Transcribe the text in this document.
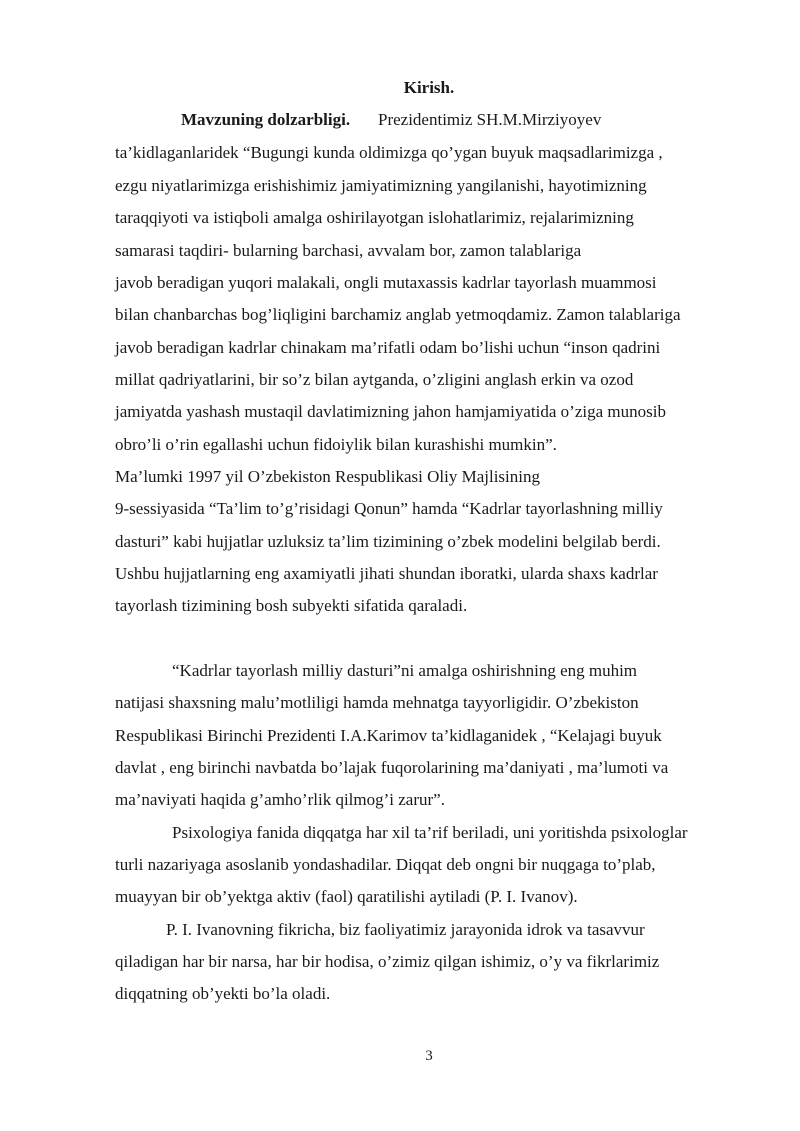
Kirish.
Mavzuning dolzarbligi. Prezidentimiz SH.M.Mirziyoyev
ta’kidlaganlaridek “Bugungi kunda oldimizga qo’ygan buyuk maqsadlarimizga ,
ezgu niyatlarimizga erishishimiz jamiyatimizning yangilanishi, hayotimizning
taraqqiyoti va istiqboli amalga oshirilayotgan islohatlarimiz, rejalarimizning
samarasi taqdiri- bularning barchasi, avvalam bor, zamon talablariga
javob beradigan yuqori malakali, ongli mutaxassis kadrlar tayorlash muammosi
bilan chanbarchas bog’liqligini barchamiz anglab yetmoqdamiz. Zamon talablariga
javob beradigan kadrlar chinakam ma’rifatli odam bo’lishi uchun “inson qadrini
millat qadriyatlarini, bir so’z bilan aytganda, o’zligini anglash erkin va ozod
jamiyatda yashash mustaqil davlatimizning jahon hamjamiyatida o’ziga munosib
obro’li o’rin egallashi uchun fidoiylik bilan kurashishi mumkin”.
Ma’lumki 1997 yil O’zbekiston Respublikasi Oliy Majlisining
9-sessiyasida “Ta’lim to’g’risidagi Qonun” hamda “Kadrlar tayorlashning milliy
dasturi” kabi hujjatlar uzluksiz ta’lim tizimining o’zbek modelini belgilab berdi.
Ushbu hujjatlarning eng axamiyatli jihati shundan iboratki, ularda shaxs kadrlar
tayorlash tizimining bosh subyekti sifatida qaraladi.
“Kadrlar tayorlash milliy dasturi”ni amalga oshirishning eng muhim
natijasi shaxsning malu’motliligi hamda mehnatga tayyorligidir. O’zbekiston
Respublikasi Birinchi Prezidenti I.A.Karimov ta’kidlaganidek , “Kelajagi buyuk
davlat , eng birinchi navbatda bo’lajak fuqorolarining ma’daniyati , ma’lumoti va
ma’naviyati haqida g’amho’rlik qilmog’i zarur”.
Psixologiya fanida diqqatga har xil ta’rif beriladi, uni yoritishda psixologlar
turli nazariyaga asoslanib yondashadilar. Diqqat deb ongni bir nuqgaga to’plab,
muayyan bir ob’yektga aktiv (faol) qaratilishi aytiladi (P. I. Ivanov).
P. I. Ivanovning fikricha, biz faoliyatimiz jarayonida idrok va tasavvur
qiladigan har bir narsa, har bir hodisa, o’zimiz qilgan ishimiz, o’y va fikrlarimiz
diqqatning ob’yekti bo’la oladi.
3
